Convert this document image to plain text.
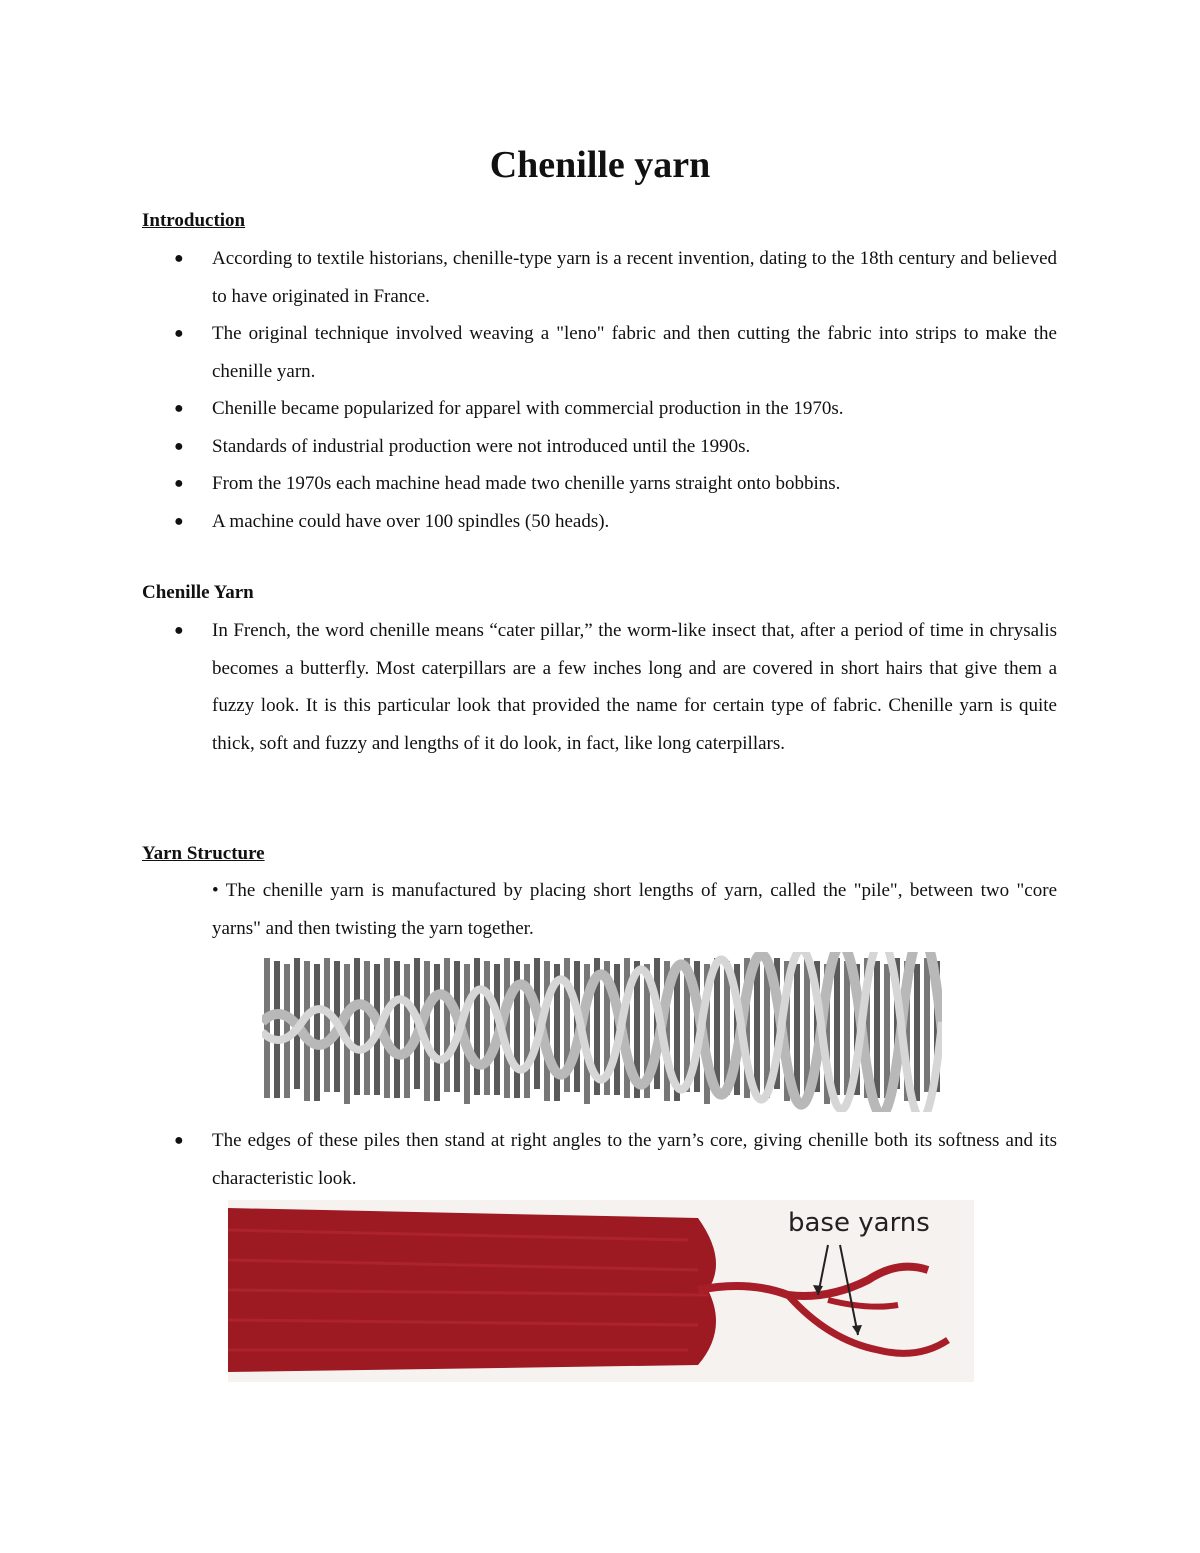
Chenille yarn
Introduction
● According to textile historians, chenille-type yarn is a recent invention, dating to the 18th century and believed to have originated in France.
● The original technique involved weaving a "leno" fabric and then cutting the fabric into strips to make the chenille yarn.
● Chenille became popularized for apparel with commercial production in the 1970s.
● Standards of industrial production were not introduced until the 1990s.
● From the 1970s each machine head made two chenille yarns straight onto bobbins.
● A machine could have over 100 spindles (50 heads).
Chenille Yarn
● In French, the word chenille means “cater pillar,” the worm-like insect that, after a period of time in chrysalis becomes a butterfly. Most caterpillars are a few inches long and are covered in short hairs that give them a fuzzy look. It is this particular look that provided the name for certain type of fabric. Chenille yarn is quite thick, soft and fuzzy and lengths of it do look, in fact, like long caterpillars.
Yarn Structure
• The chenille yarn is manufactured by placing short lengths of yarn, called the "pile", between two "core yarns" and then twisting the yarn together.
● The edges of these piles then stand at right angles to the yarn’s core, giving chenille both its softness and its characteristic look.
base yarns
